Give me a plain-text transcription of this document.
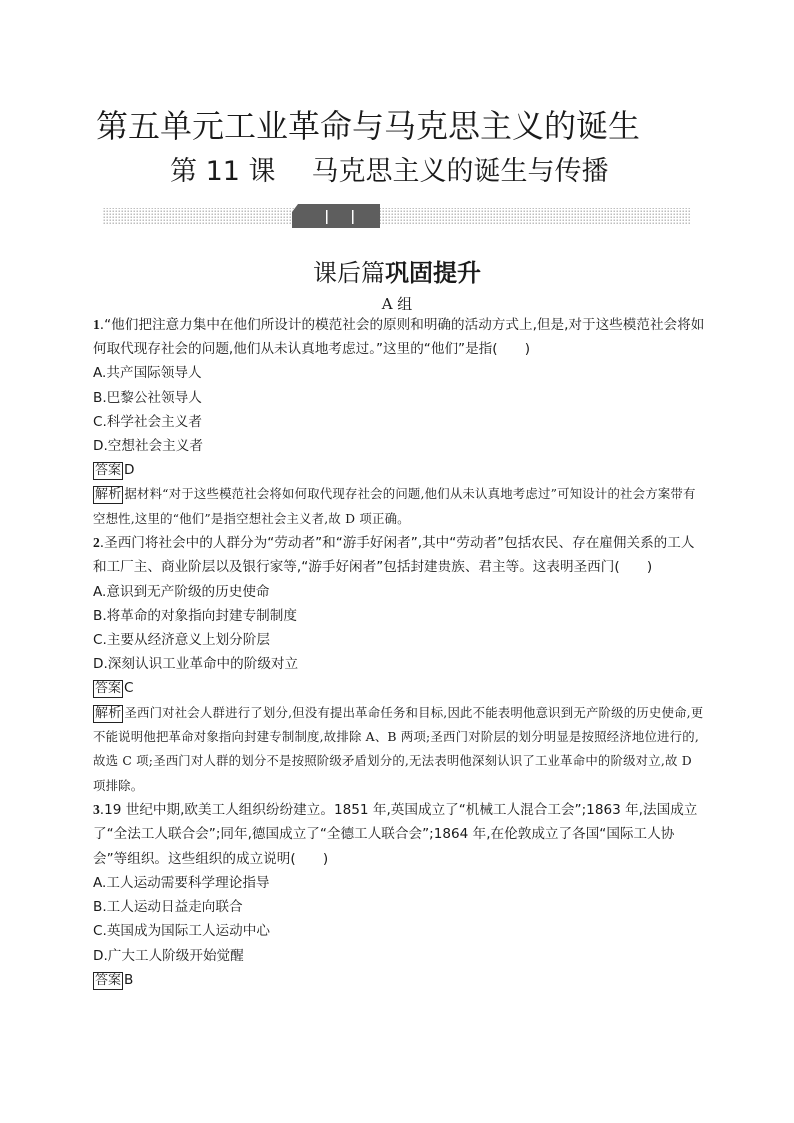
第五单元工业革命与马克思主义的诞生
第 11 课 马克思主义的诞生与传播
课后篇巩固提升
A 组

1.“他们把注意力集中在他们所设计的模范社会的原则和明确的活动方式上,但是,对于这些模范社会将如何取代现存社会的问题,他们从未认真地考虑过。”这里的“他们”是指(　　)

A.共产国际领导人

B.巴黎公社领导人

C.科学社会主义者

D.空想社会主义者

答案 D

解析 据材料“对于这些模范社会将如何取代现存社会的问题,他们从未认真地考虑过”可知设计的社会方案带有空想性,这里的“他们”是指空想社会主义者,故 D 项正确。

2.圣西门将社会中的人群分为“劳动者”和“游手好闲者”,其中“劳动者”包括农民、存在雇佣关系的工人和工厂主、商业阶层以及银行家等,“游手好闲者”包括封建贵族、君主等。这表明圣西门(　　)

A.意识到无产阶级的历史使命

B.将革命的对象指向封建专制制度

C.主要从经济意义上划分阶层

D.深刻认识工业革命中的阶级对立

答案 C

解析 圣西门对社会人群进行了划分,但没有提出革命任务和目标,因此不能表明他意识到无产阶级的历史使命,更不能说明他把革命对象指向封建专制制度,故排除 A、B 两项;圣西门对阶层的划分明显是按照经济地位进行的,故选 C 项;圣西门对人群的划分不是按照阶级矛盾划分的,无法表明他深刻认识了工业革命中的阶级对立,故 D 项排除。

3.19 世纪中期,欧美工人组织纷纷建立。1851 年,英国成立了“机械工人混合工会”;1863 年,法国成立了“全法工人联合会”;同年,德国成立了“全德工人联合会”;1864 年,在伦敦成立了各国“国际工人协会”等组织。这些组织的成立说明(　　)

A.工人运动需要科学理论指导

B.工人运动日益走向联合

C.英国成为国际工人运动中心

D.广大工人阶级开始觉醒

答案 B
